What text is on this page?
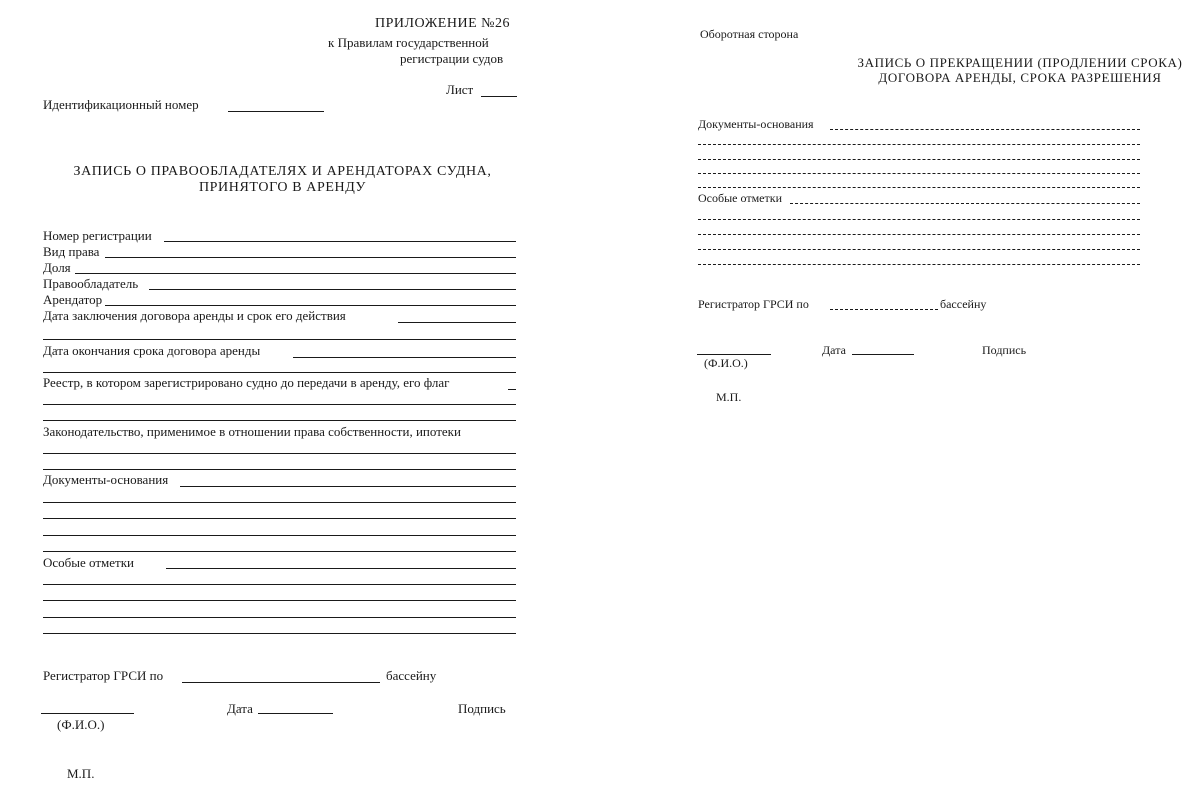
ПРИЛОЖЕНИЕ №26
к Правилам государственной
регистрации судов
Лист
Идентификационный номер
ЗАПИСЬ О ПРАВООБЛАДАТЕЛЯХ И АРЕНДАТОРАХ СУДНА,
ПРИНЯТОГО В АРЕНДУ
Номер регистрации
Вид права
Доля
Правообладатель
Арендатор
Дата заключения договора аренды и срок его действия
Дата окончания срока договора аренды
Реестр, в котором зарегистрировано судно до передачи в аренду, его флаг
Законодательство, применимое в отношении права собственности, ипотеки
Документы-основания
Особые отметки
Регистратор ГРСИ по	бассейну
(Ф.И.О.)
Дата	Подпись
М.П.
Оборотная сторона
ЗАПИСЬ О ПРЕКРАЩЕНИИ (ПРОДЛЕНИИ СРОКА)
ДОГОВОРА АРЕНДЫ, СРОКА РАЗРЕШЕНИЯ
Документы-основания
Особые отметки
Регистратор ГРСИ по	бассейну
(Ф.И.О.)
Дата	Подпись
М.П.
